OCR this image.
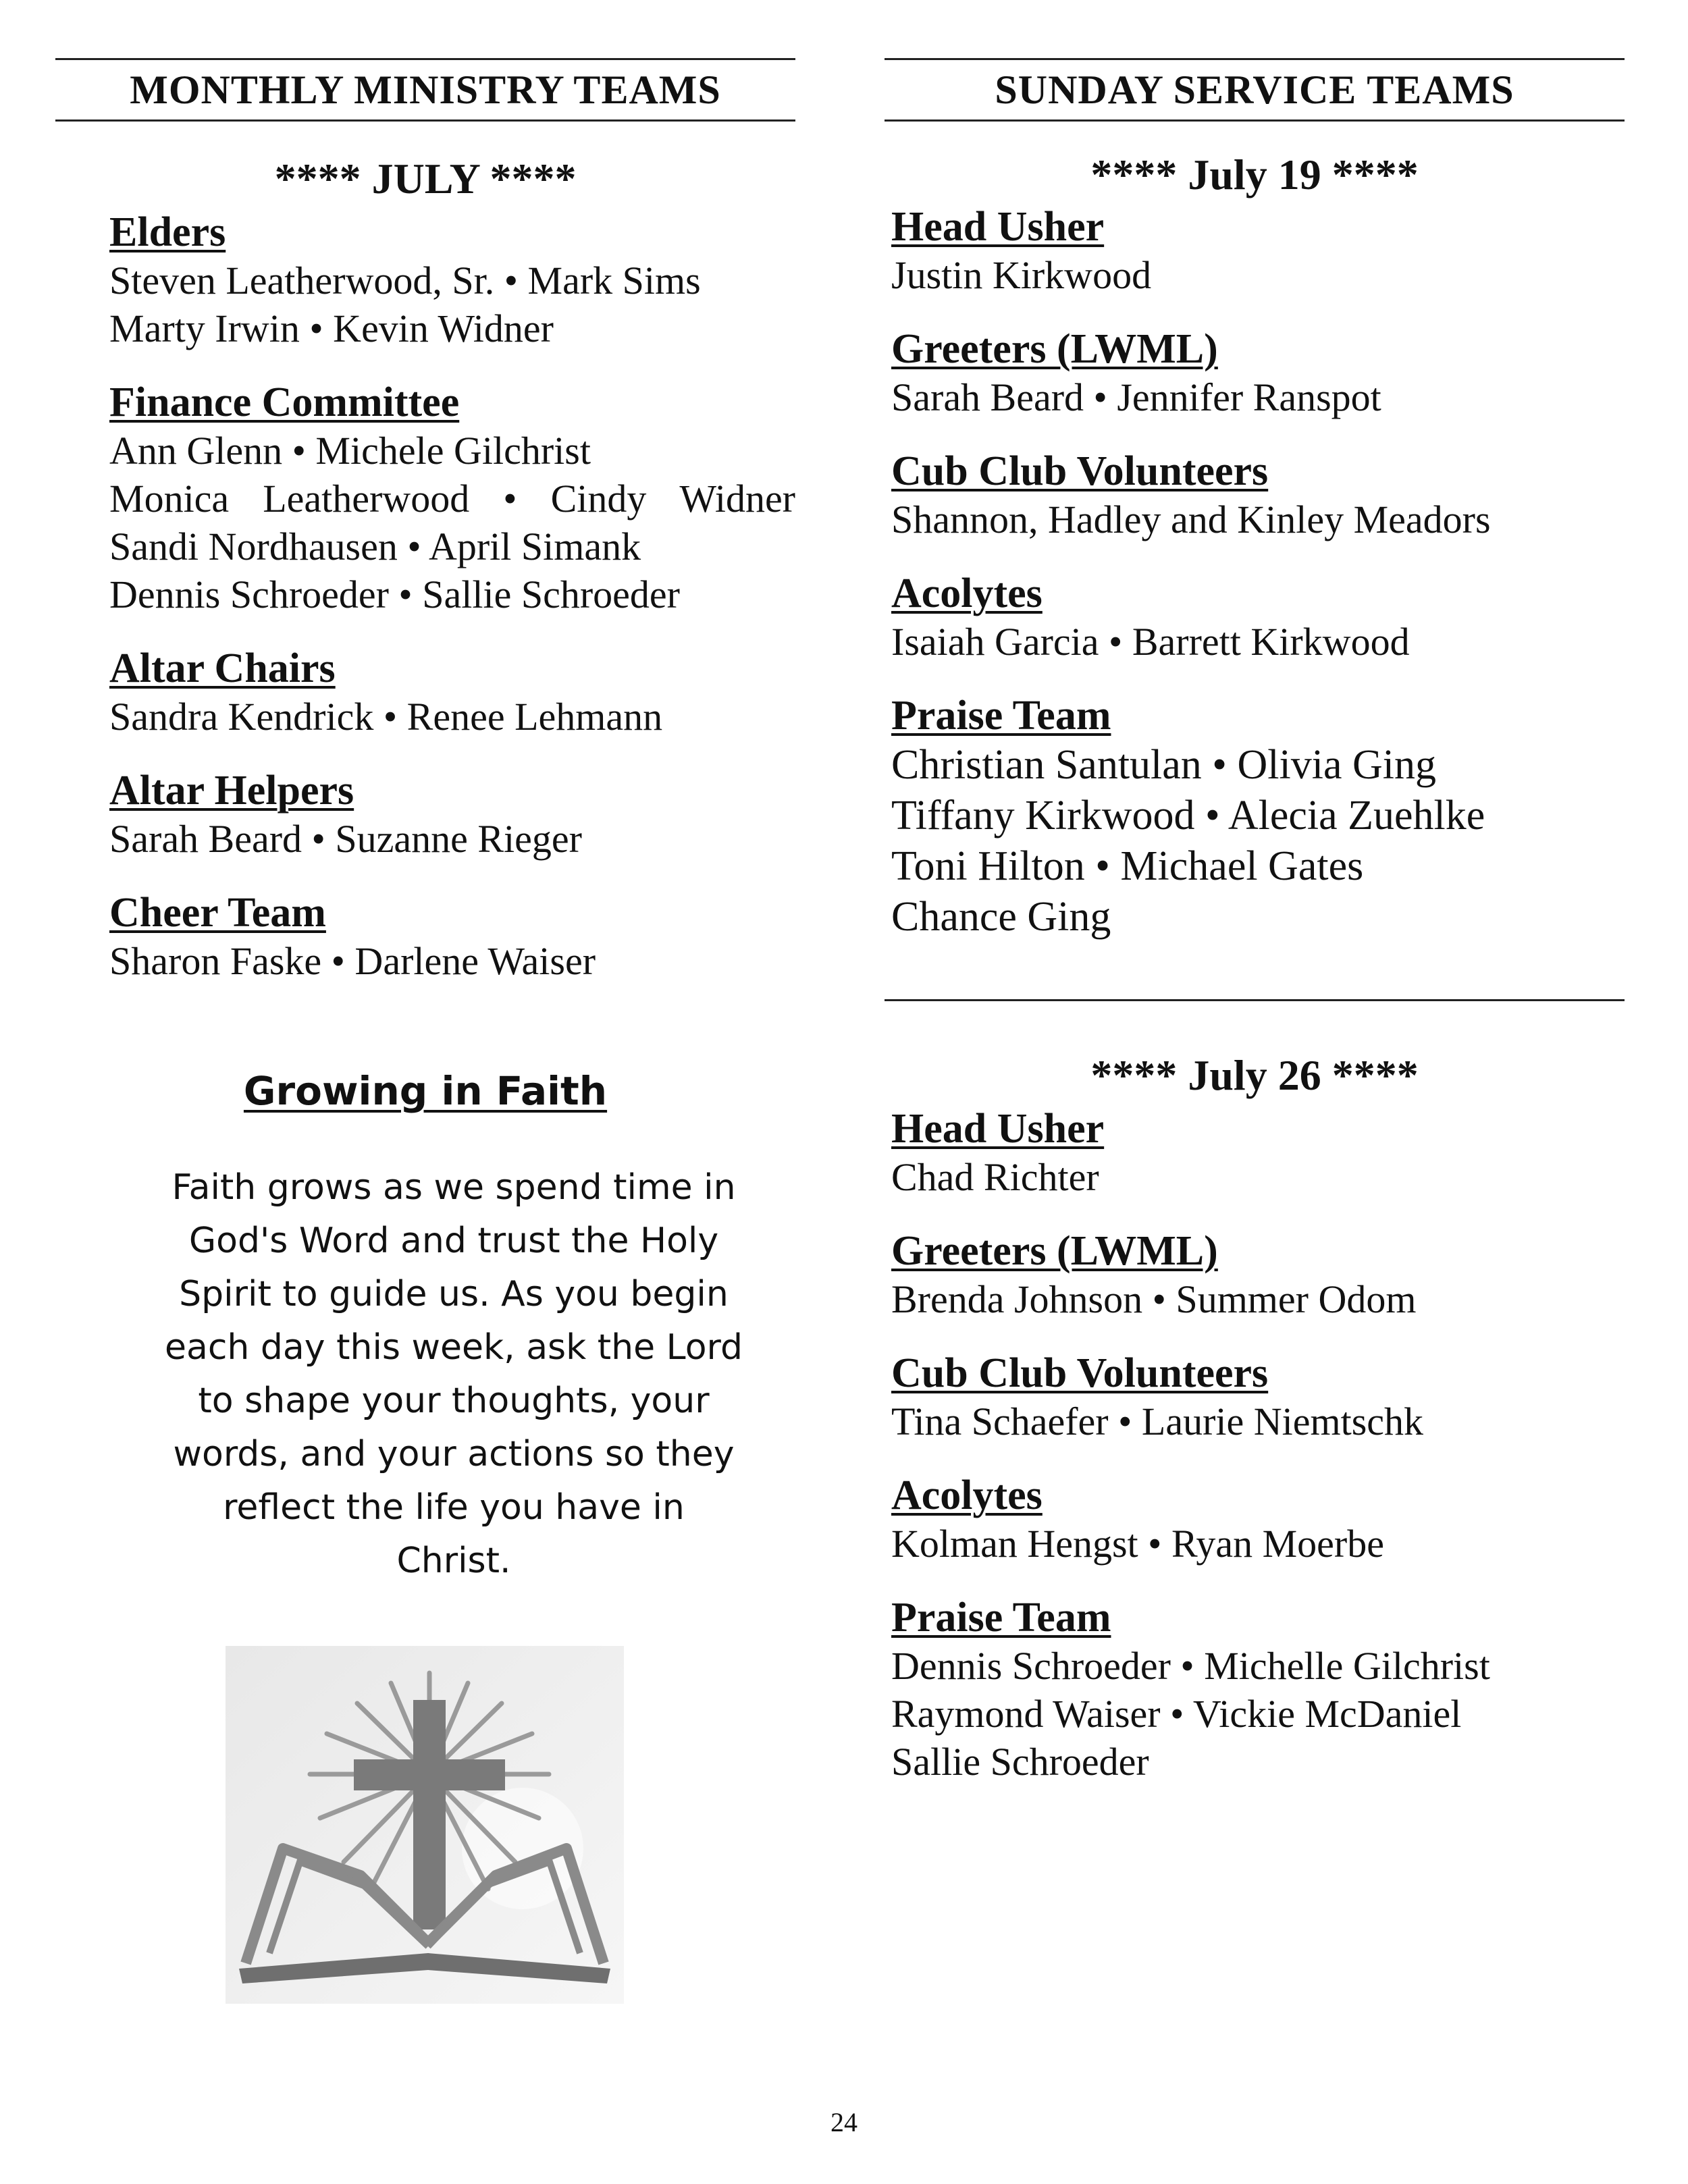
MONTHLY MINISTRY TEAMS
**** JULY ****
Elders
Steven Leatherwood, Sr. • Mark Sims
Marty Irwin • Kevin Widner
Finance Committee
Ann Glenn • Michele Gilchrist
Monica Leatherwood • Cindy Widner
Sandi Nordhausen • April Simank
Dennis Schroeder • Sallie Schroeder
Altar Chairs
Sandra Kendrick • Renee Lehmann
Altar Helpers
Sarah Beard • Suzanne Rieger
Cheer Team
Sharon Faske • Darlene Waiser
Growing in Faith
Faith grows as we spend time in
God's Word and trust the Holy
Spirit to guide us. As you begin
each day this week, ask the Lord
to shape your thoughts, your
words, and your actions so they
reflect the life you have in
Christ.
SUNDAY SERVICE TEAMS
**** July 19 ****
Head Usher
Justin Kirkwood
Greeters (LWML)
Sarah Beard • Jennifer Ranspot
Cub Club Volunteers
Shannon, Hadley and Kinley Meadors
Acolytes
Isaiah Garcia • Barrett Kirkwood
Praise Team
Christian Santulan • Olivia Ging
Tiffany Kirkwood • Alecia Zuehlke
Toni Hilton • Michael Gates
Chance Ging
**** July 26 ****
Head Usher
Chad Richter
Greeters (LWML)
Brenda Johnson • Summer Odom
Cub Club Volunteers
Tina Schaefer • Laurie Niemtschk
Acolytes
Kolman Hengst • Ryan Moerbe
Praise Team
Dennis Schroeder • Michelle Gilchrist
Raymond Waiser • Vickie McDaniel
Sallie Schroeder
24
